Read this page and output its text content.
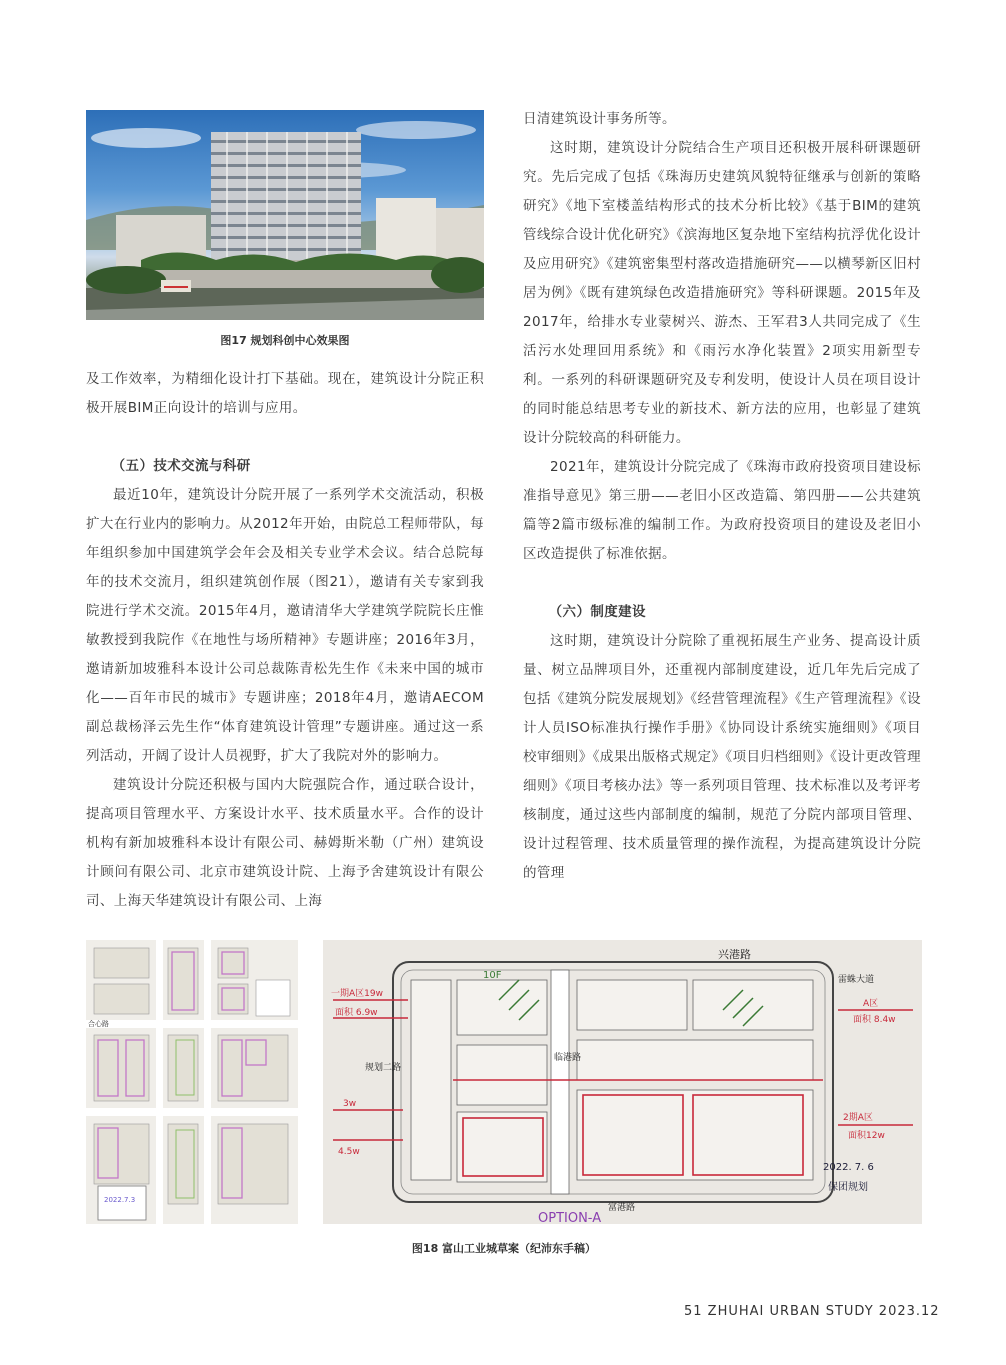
图17 规划科创中心效果图

及工作效率，为精细化设计打下基础。现在，建筑设计分院正积极开展BIM正向设计的培训与应用。

（五）技术交流与科研

最近10年，建筑设计分院开展了一系列学术交流活动，积极扩大在行业内的影响力。从2012年开始，由院总工程师带队，每年组织参加中国建筑学会年会及相关专业学术会议。结合总院每年的技术交流月，组织建筑创作展（图21），邀请有关专家到我院进行学术交流。2015年4月，邀请清华大学建筑学院院长庄惟敏教授到我院作《在地性与场所精神》专题讲座；2016年3月，邀请新加坡雅科本设计公司总裁陈青松先生作《未来中国的城市化——百年市民的城市》专题讲座；2018年4月，邀请AECOM副总裁杨泽云先生作“体育建筑设计管理”专题讲座。通过这一系列活动，开阔了设计人员视野，扩大了我院对外的影响力。

建筑设计分院还积极与国内大院强院合作，通过联合设计，提高项目管理水平、方案设计水平、技术质量水平。合作的设计机构有新加坡雅科本设计有限公司、赫姆斯米勒（广州）建筑设计顾问有限公司、北京市建筑设计院、上海予舍建筑设计有限公司、上海天华建筑设计有限公司、上海

日清建筑设计事务所等。

这时期，建筑设计分院结合生产项目还积极开展科研课题研究。先后完成了包括《珠海历史建筑风貌特征继承与创新的策略研究》《地下室楼盖结构形式的技术分析比较》《基于BIM的建筑管线综合设计优化研究》《滨海地区复杂地下室结构抗浮优化设计及应用研究》《建筑密集型村落改造措施研究——以横琴新区旧村居为例》《既有建筑绿色改造措施研究》等科研课题。2015年及2017年，给排水专业蒙树兴、游杰、王军君3人共同完成了《生活污水处理回用系统》和《雨污水净化装置》2项实用新型专利。一系列的科研课题研究及专利发明，使设计人员在项目设计的同时能总结思考专业的新技术、新方法的应用，也彰显了建筑设计分院较高的科研能力。

2021年，建筑设计分院完成了《珠海市政府投资项目建设标准指导意见》第三册——老旧小区改造篇、第四册——公共建筑篇等2篇市级标准的编制工作。为政府投资项目的建设及老旧小区改造提供了标准依据。

（六）制度建设

这时期，建筑设计分院除了重视拓展生产业务、提高设计质量、树立品牌项目外，还重视内部制度建设，近几年先后完成了包括《建筑分院发展规划》《经营管理流程》《生产管理流程》《设计人员ISO标准执行操作手册》《协同设计系统实施细则》《项目校审细则》《成果出版格式规定》《项目归档细则》《设计更改管理细则》《项目考核办法》等一系列项目管理、技术标准以及考评考核制度，通过这些内部制度的编制，规范了分院内部项目管理、设计过程管理、技术质量管理的操作流程，为提高建筑设计分院的管理

合心路
2022.7.3
兴港路
富港路
临港路
规划二路
雷蛛大道
一期A区19w
面积 6.9w
10F
A区
面积 8.4w
2期A区
面积12w
3w
4.5w
OPTION-A
2022. 7. 6
保团规划
图18 富山工业城草案（纪沛东手稿）
51 ZHUHAI URBAN STUDY 2023.12
